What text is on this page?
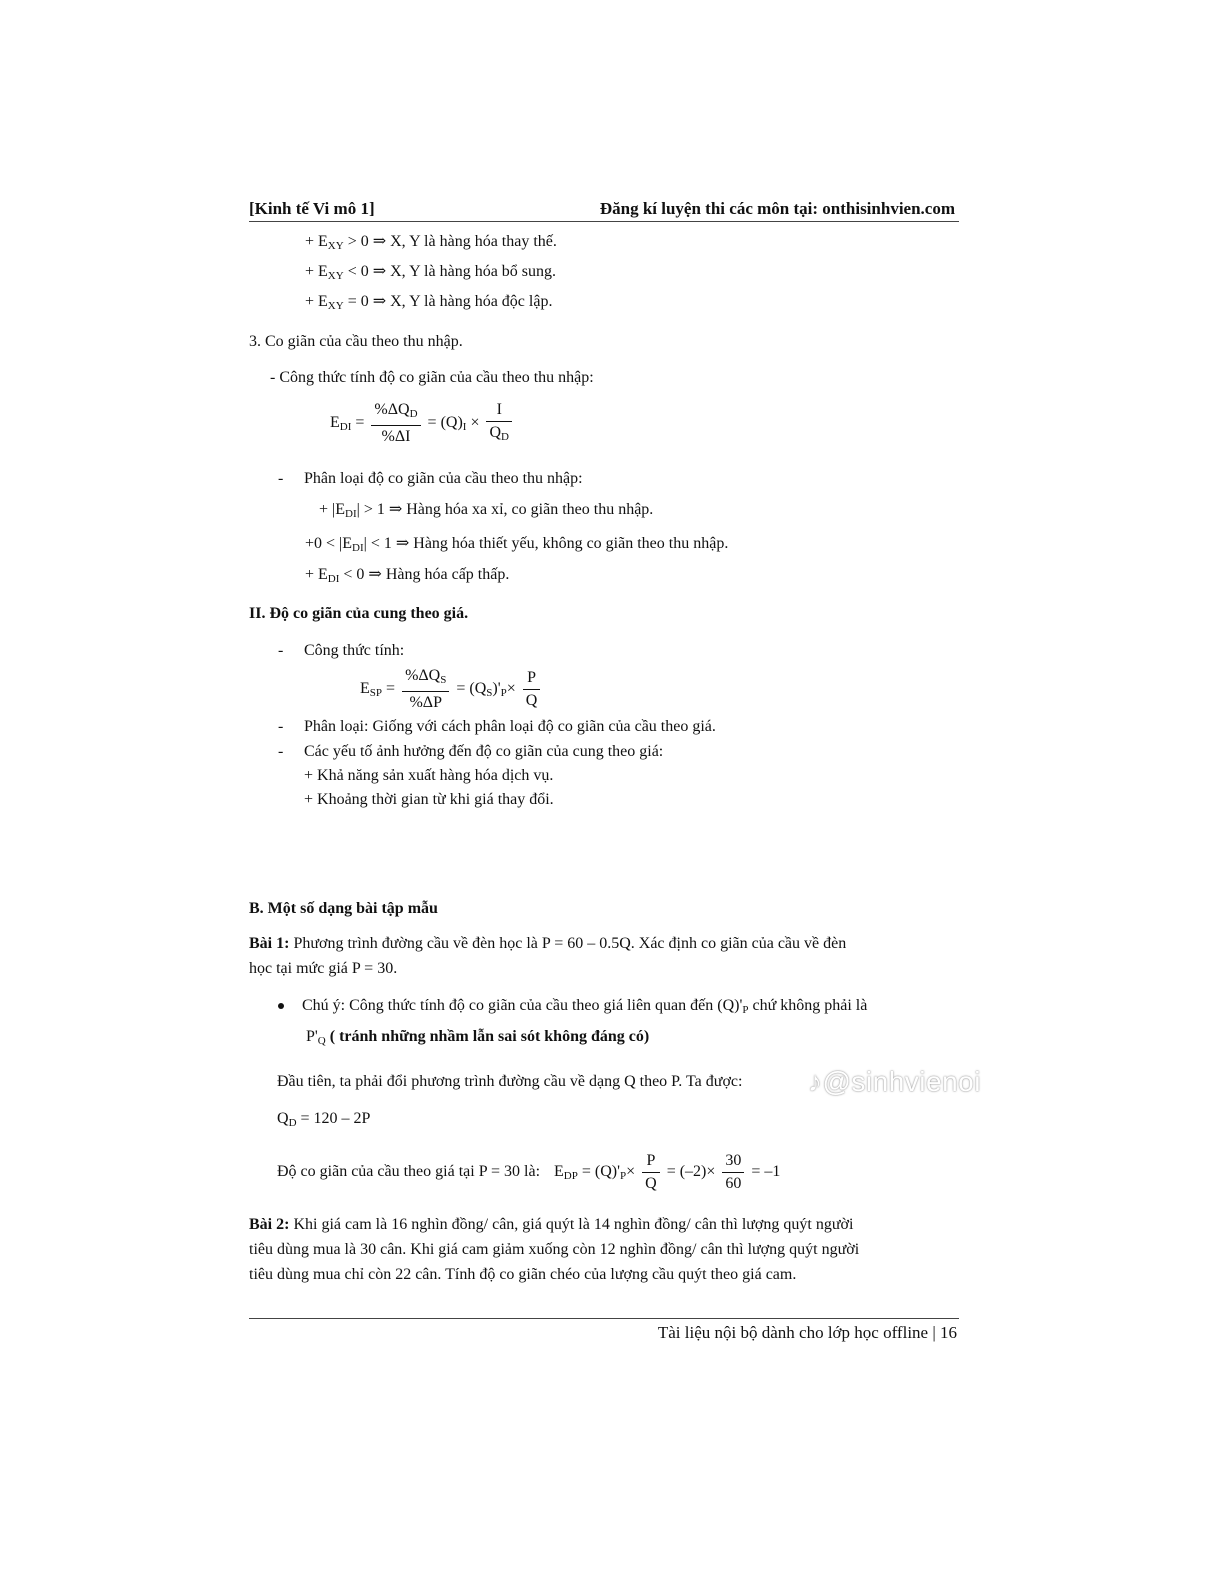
[Kinh tế Vi mô 1]	Đăng kí luyện thi các môn tại: onthisinhvien.com
+ $E_{XY} > 0$ ⇒ X, Y là hàng hóa thay thế.
+ $E_{XY} < 0$ ⇒ X, Y là hàng hóa bổ sung.
+ $E_{XY} = 0$ ⇒ X, Y là hàng hóa độc lập.
3. Co giãn của cầu theo thu nhập.
- Công thức tính độ co giãn của cầu theo thu nhập:
$E_{DI} = \frac{\%\Delta Q_D}{\%\Delta I} = (Q)_I \times \frac{I}{Q_D}$
- Phân loại độ co giãn của cầu theo thu nhập:
+ $|E_{DI}| > 1$ ⇒ Hàng hóa xa xỉ, co giãn theo thu nhập.
$+0 < |E_{DI}| < 1$ ⇒ Hàng hóa thiết yếu, không co giãn theo thu nhập.
+ $E_{DI} < 0$ ⇒ Hàng hóa cấp thấp.
II. Độ co giãn của cung theo giá.
- Công thức tính:
$E_{SP} = \frac{\%\Delta Q_S}{\%\Delta P} = (Q_S)'_P\times \frac{P}{Q}$
- Phân loại: Giống với cách phân loại độ co giãn của cầu theo giá.
- Các yếu tố ảnh hưởng đến độ co giãn của cung theo giá:
+ Khả năng sản xuất hàng hóa dịch vụ.
+ Khoảng thời gian từ khi giá thay đổi.
B. Một số dạng bài tập mẫu
Bài 1: Phương trình đường cầu về đèn học là P = 60 – 0.5Q. Xác định co giãn của cầu về đèn
học tại mức giá P = 30.
Chú ý: Công thức tính độ co giãn của cầu theo giá liên quan đến $(Q)'_P$ chứ không phải là
$P'_Q$ ( tránh những nhầm lẫn sai sót không đáng có)
Đầu tiên, ta phải đổi phương trình đường cầu về dạng Q theo P. Ta được: ♪@sinhvienoi
$Q_D = 120 - 2P$
Độ co giãn của cầu theo giá tại P = 30 là: $E_{DP} = (Q)'_P\times \frac{P}{Q} = (-2)\times \frac{30}{60} = -1$
Bài 2: Khi giá cam là 16 nghìn đồng/ cân, giá quýt là 14 nghìn đồng/ cân thì lượng quýt người
tiêu dùng mua là 30 cân. Khi giá cam giảm xuống còn 12 nghìn đồng/ cân thì lượng quýt người
tiêu dùng mua chỉ còn 22 cân. Tính độ co giãn chéo của lượng cầu quýt theo giá cam.
Tài liệu nội bộ dành cho lớp học offline | 16
